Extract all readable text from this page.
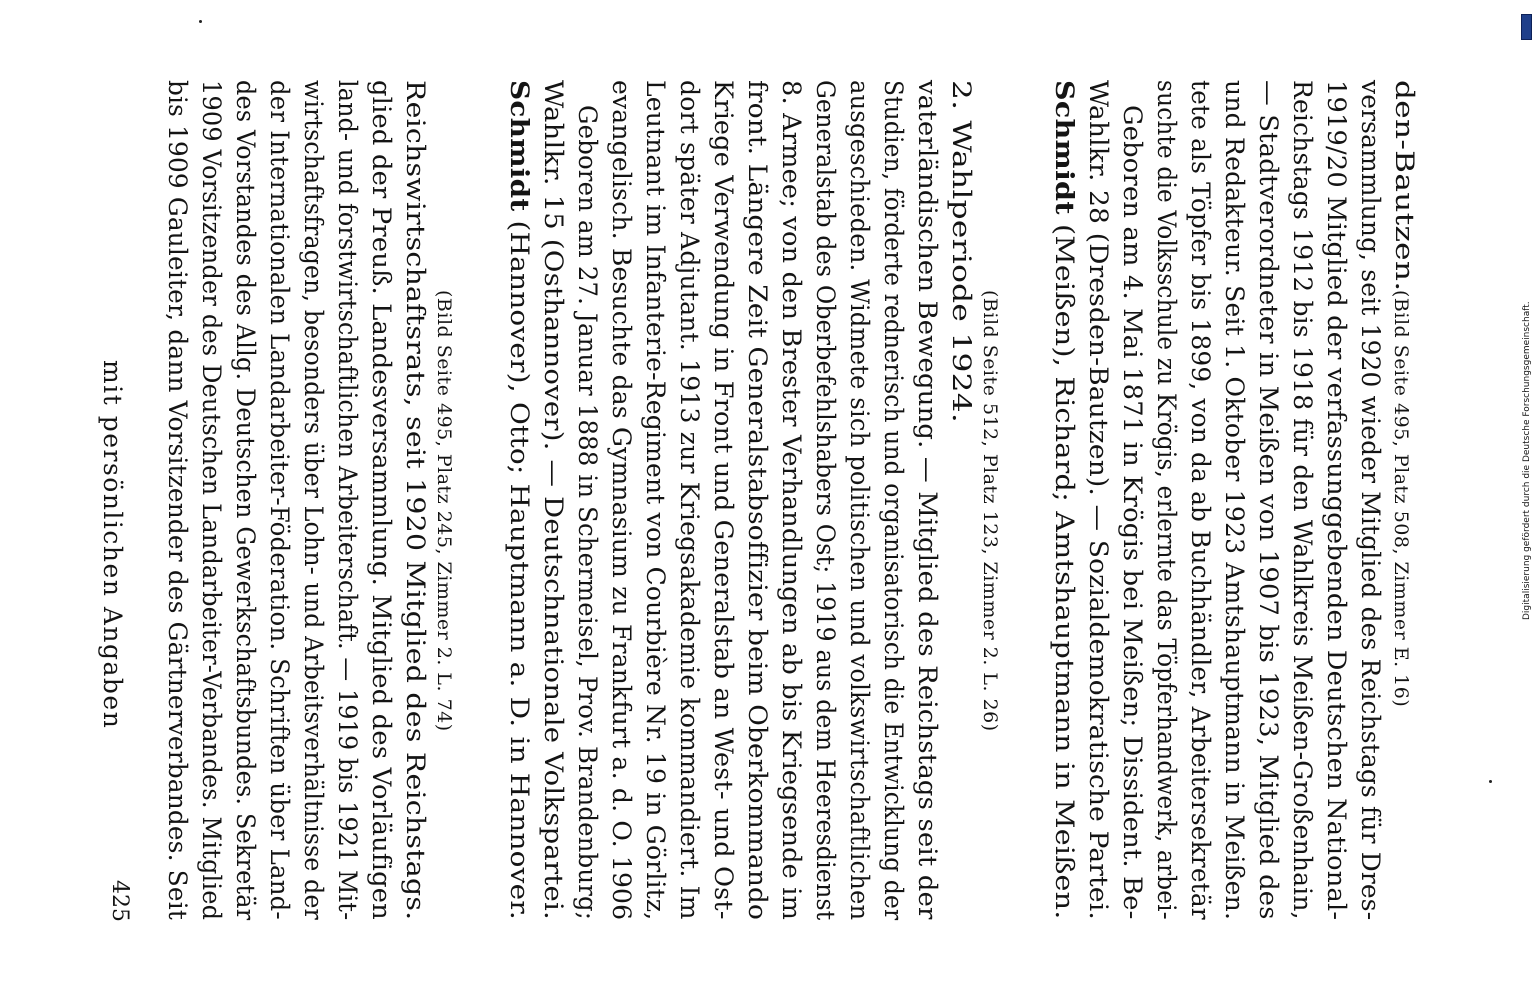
mit persönlichen Angaben
425 bis 1909 Gauleiter, dann Vorsitzender des Gärtnerverbandes. Seit 1909 Vorsitzender des Deutschen Landarbeiter-Verbandes. Mitglied des Vorstandes des Allg. Deutschen Gewerkschaftsbundes. Sekretär der Internationalen Landarbeiter-Föderation. Schriften über Land- wirtschaftsfragen, besonders über Lohn- und Arbeitsverhältnisse der land- und forstwirtschaftlichen Arbeiterschaft. — 1919 bis 1921 Mit- glied der Preuß. Landesversammlung. Mitglied des Vorläufigen Reichswirtschaftsrats, seit 1920 Mitglied des Reichstags. (Bild Seite 495, Platz 245, Zimmer 2. L. 74)
Schmidt (Hannover), Otto; Hauptmann a. D. in Hannover. Wahlkr. 15 (Osthannover). — Deutschnationale Volkspartei. Geboren am 27. Januar 1888 in Schermeisel, Prov. Brandenburg; evangelisch. Besuchte das Gymnasium zu Frankfurt a. d. O. 1906 Leutnant im Infanterie-Regiment von Courbière Nr. 19 in Görlitz, dort später Adjutant. 1913 zur Kriegsakademie kommandiert. Im Kriege Verwendung in Front und Generalstab an West- und Ost- front. Längere Zeit Generalstabsoffizier beim Oberkommando 8. Armee; von den Brester Verhandlungen ab bis Kriegsende im Generalstab des Oberbefehlshabers Ost; 1919 aus dem Heeresdienst ausgeschieden. Widmete sich politischen und volkswirtschaftlichen Studien, förderte rednerisch und organisatorisch die Entwicklung der vaterländischen Bewegung. — Mitglied des Reichstags seit der 2. Wahlperiode 1924.
(Bild Seite 512, Platz 123, Zimmer 2. L. 26)
Schmidt (Meißen), Richard; Amtshauptmann in Meißen. Wahlkr. 28 (Dresden-Bautzen). — Sozialdemokratische Partei. Geboren am 4. Mai 1871 in Krögis bei Meißen; Dissident. Be- suchte die Volksschule zu Krögis, erlernte das Töpferhandwerk, arbei- tete als Töpfer bis 1899, von da ab Buchhändler, Arbeitersekretär und Redakteur. Seit 1. Oktober 1923 Amtshauptmann in Meißen. — Stadtverordneter in Meißen von 1907 bis 1923, Mitglied des Reichstags 1912 bis 1918 für den Wahlkreis Meißen-Großenhain, 1919/20 Mitglied der verfassunggebenden Deutschen National- versammlung, seit 1920 wieder Mitglied des Reichstags für Dres- den-Bautzen.
(Bild Seite 495, Platz 508, Zimmer E. 16)	Digitalisierung gefördert durch die Deutsche Forschungsgemeinschaft.
